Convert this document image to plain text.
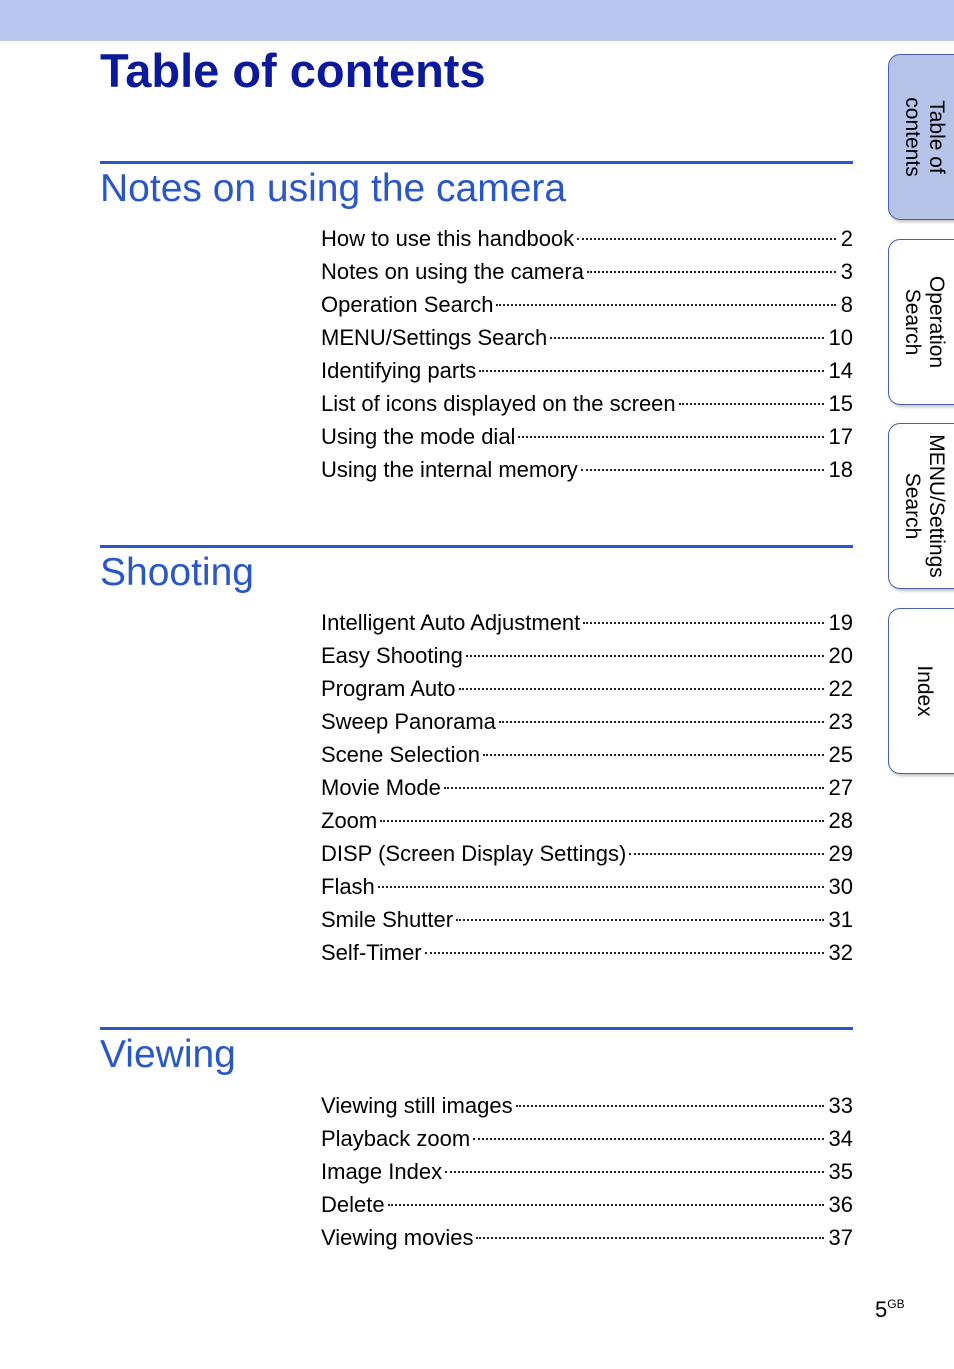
Table of contents
Notes on using the camera
How to use this handbook	2
Notes on using the camera	3
Operation Search	8
MENU/Settings Search	10
Identifying parts	14
List of icons displayed on the screen	15
Using the mode dial	17
Using the internal memory	18
Shooting
Intelligent Auto Adjustment	19
Easy Shooting	20
Program Auto	22
Sweep Panorama	23
Scene Selection	25
Movie Mode	27
Zoom	28
DISP (Screen Display Settings)	29
Flash	30
Smile Shutter	31
Self-Timer	32
Viewing
Viewing still images	33
Playback zoom	34
Image Index	35
Delete	36
Viewing movies	37
Table of
contents
Operation
Search
MENU/Settings
Search
Index
$5^{GB}$
